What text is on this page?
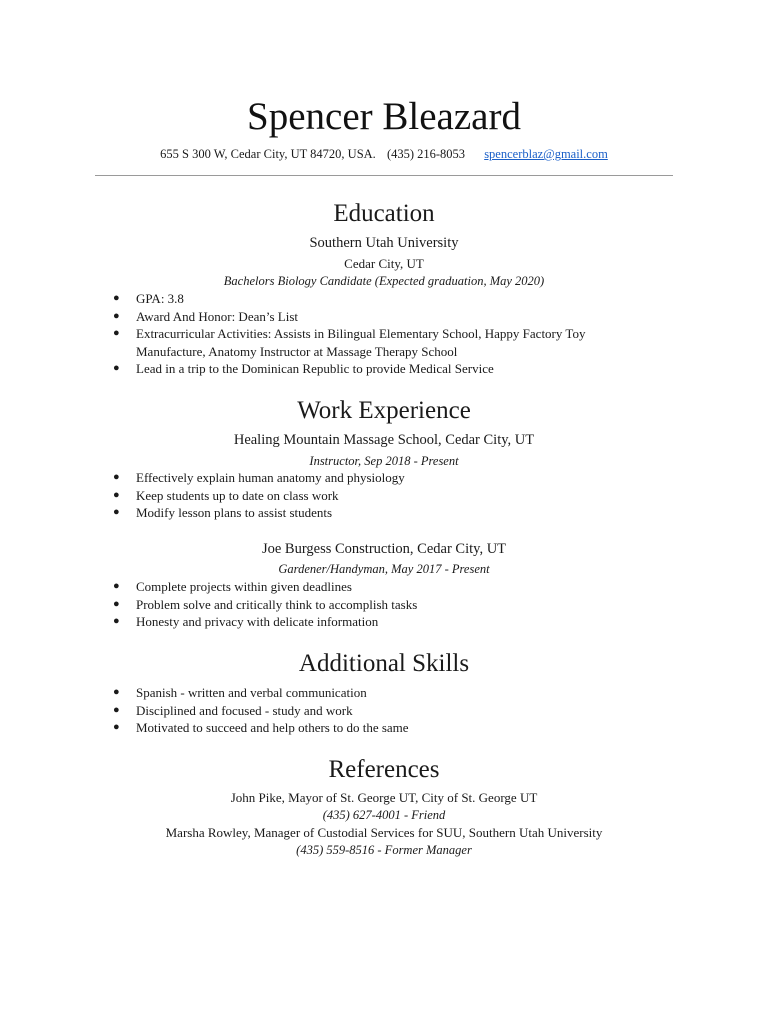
Spencer Bleazard
655 S 300 W, Cedar City, UT 84720, USA. (435) 216-8053 spencerblaz@gmail.com
Education
Southern Utah University
Cedar City, UT
Bachelors Biology Candidate (Expected graduation, May 2020)
● GPA: 3.8
● Award And Honor: Dean’s List
● Extracurricular Activities: Assists in Bilingual Elementary School, Happy Factory Toy Manufacture, Anatomy Instructor at Massage Therapy School
● Lead in a trip to the Dominican Republic to provide Medical Service
Work Experience
Healing Mountain Massage School, Cedar City, UT
Instructor, Sep 2018 - Present
● Effectively explain human anatomy and physiology
● Keep students up to date on class work
● Modify lesson plans to assist students
Joe Burgess Construction, Cedar City, UT
Gardener/Handyman, May 2017 - Present
● Complete projects within given deadlines
● Problem solve and critically think to accomplish tasks
● Honesty and privacy with delicate information
Additional Skills
● Spanish - written and verbal communication
● Disciplined and focused - study and work
● Motivated to succeed and help others to do the same
References
John Pike, Mayor of St. George UT, City of St. George UT
(435) 627-4001 - Friend
Marsha Rowley, Manager of Custodial Services for SUU, Southern Utah University
(435) 559-8516 - Former Manager
